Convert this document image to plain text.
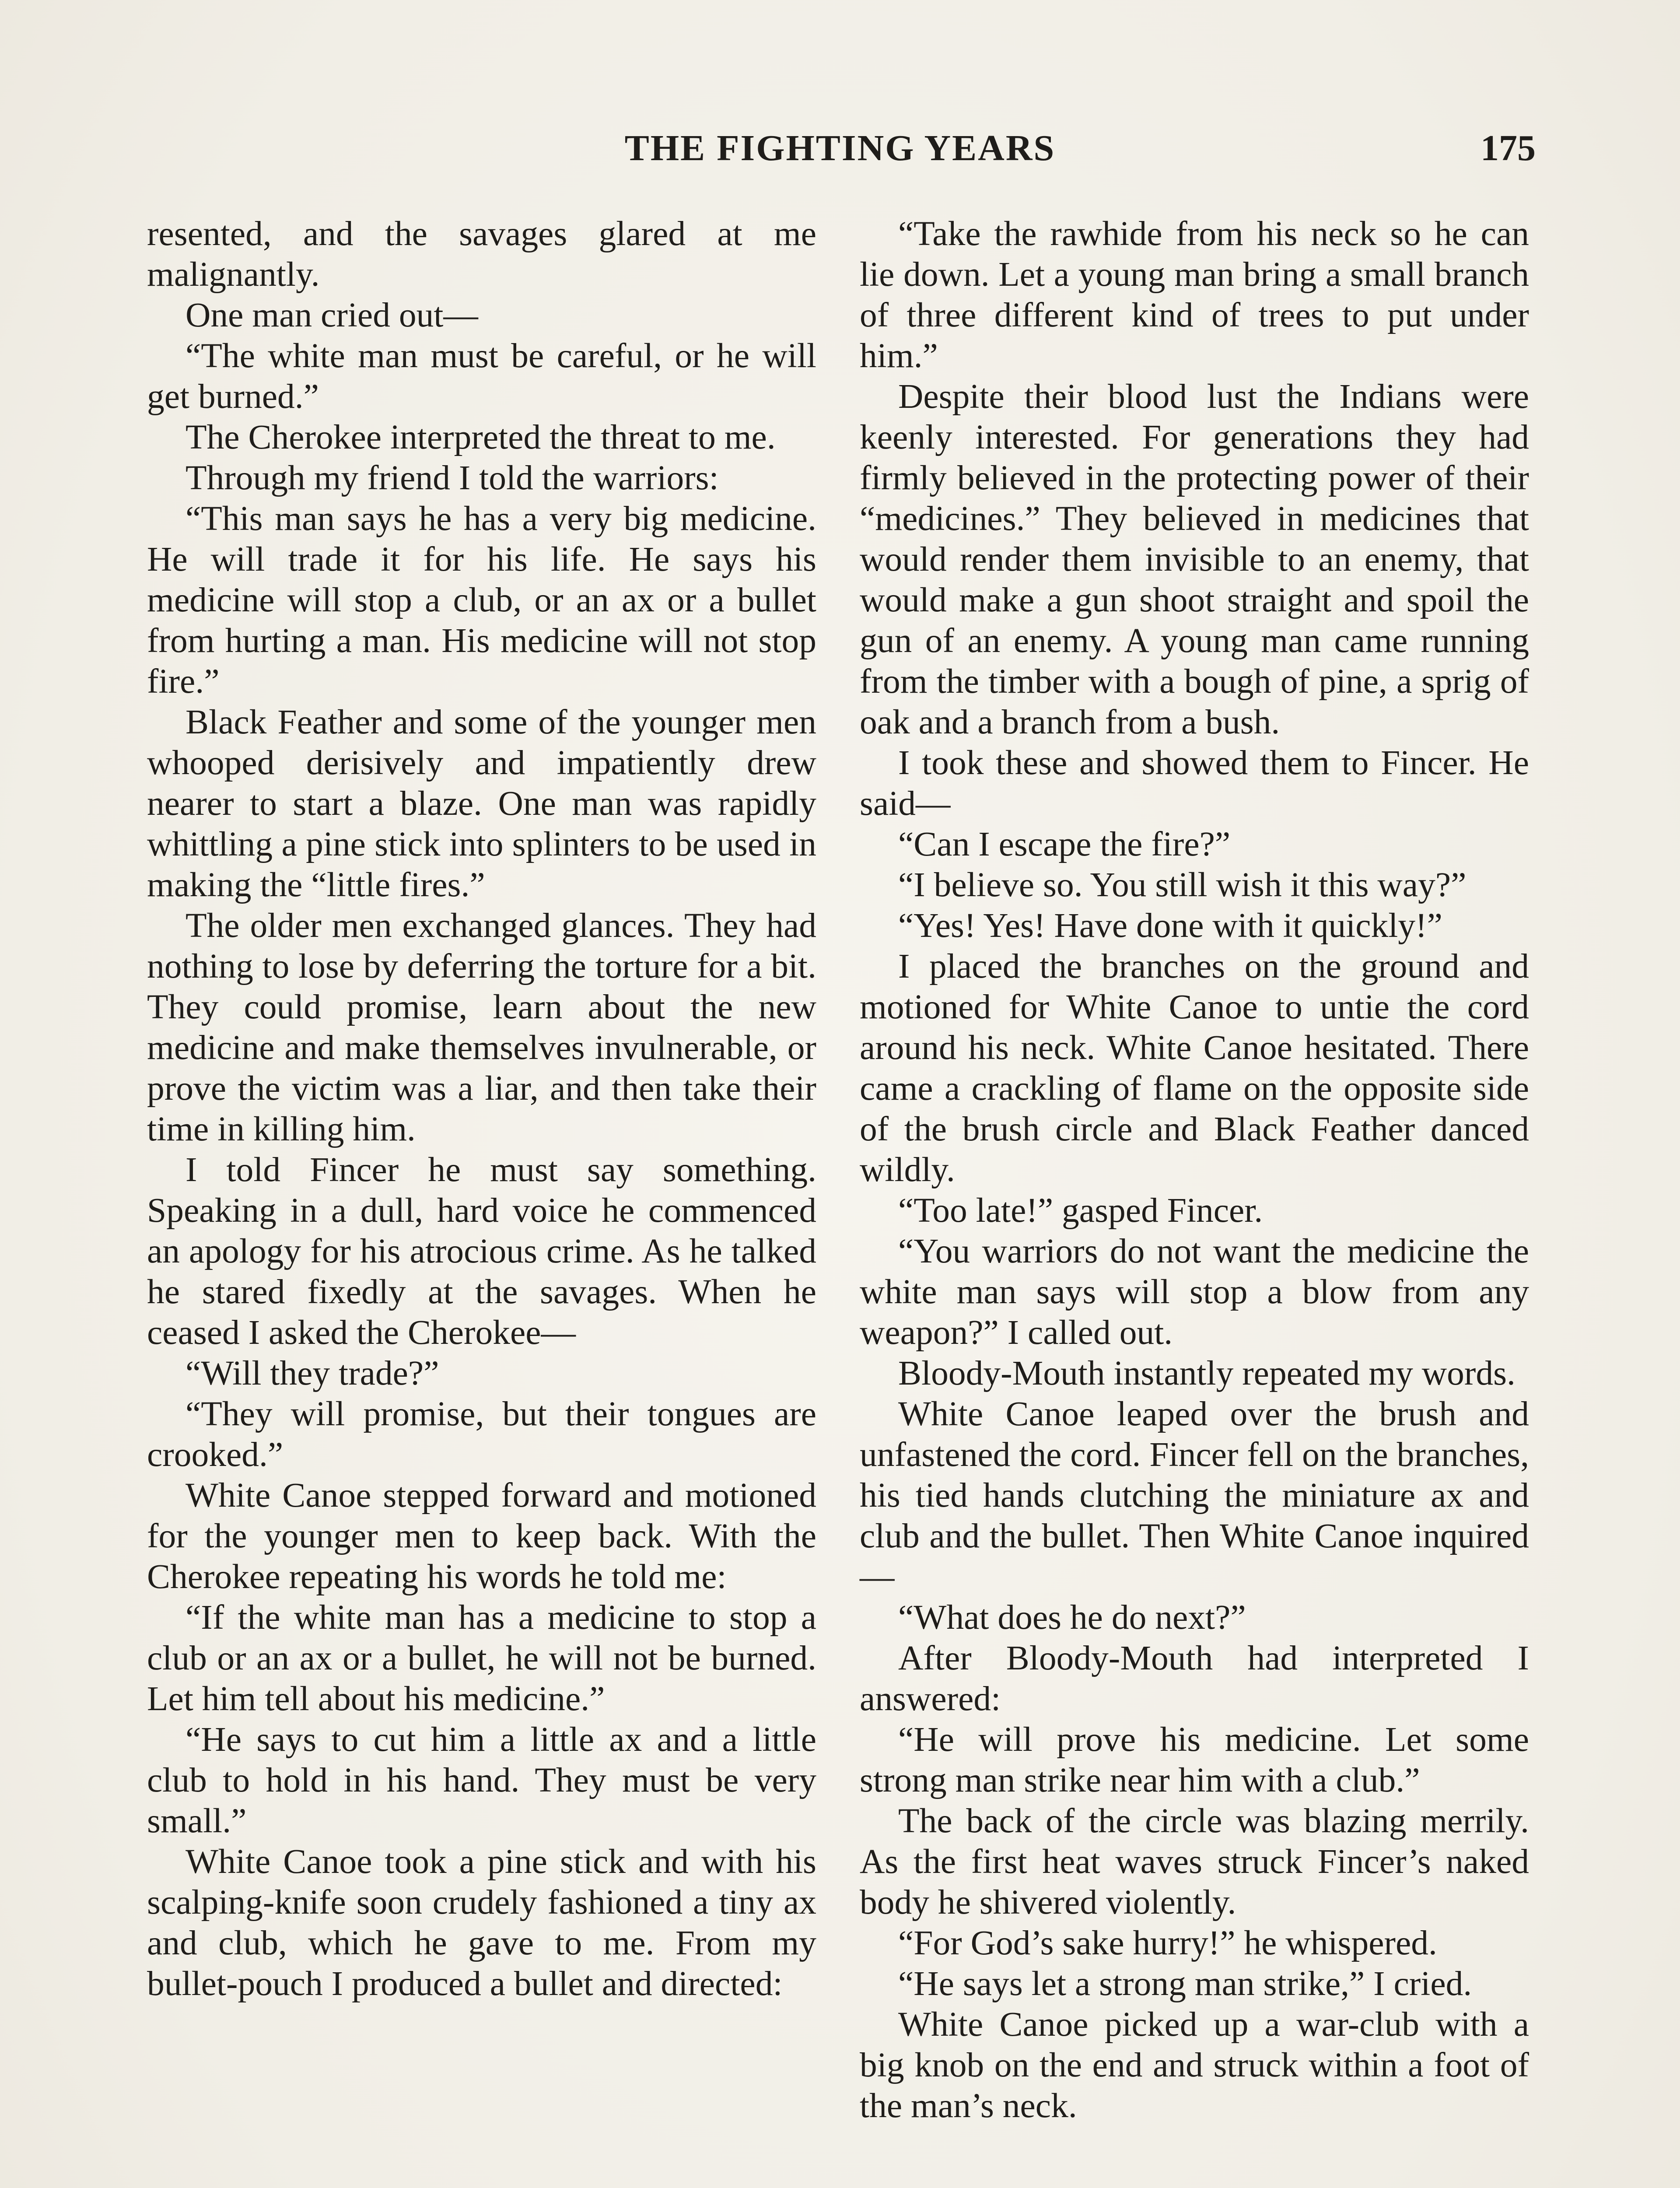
THE FIGHTING YEARS	175

resented, and the savages glared at me malignantly.

One man cried out—

“The white man must be careful, or he will get burned.”

The Cherokee interpreted the threat to me.

Through my friend I told the warriors:

“This man says he has a very big medicine. He will trade it for his life. He says his medicine will stop a club, or an ax or a bullet from hurting a man. His medicine will not stop fire.”

Black Feather and some of the younger men whooped derisively and impatiently drew nearer to start a blaze. One man was rapidly whittling a pine stick into splinters to be used in making the “little fires.”

The older men exchanged glances. They had nothing to lose by deferring the torture for a bit. They could promise, learn about the new medicine and make themselves invulnerable, or prove the victim was a liar, and then take their time in killing him.

I told Fincer he must say something. Speaking in a dull, hard voice he commenced an apology for his atrocious crime. As he talked he stared fixedly at the savages. When he ceased I asked the Cherokee—

“Will they trade?”

“They will promise, but their tongues are crooked.”

White Canoe stepped forward and motioned for the younger men to keep back. With the Cherokee repeating his words he told me:

“If the white man has a medicine to stop a club or an ax or a bullet, he will not be burned. Let him tell about his medicine.”

“He says to cut him a little ax and a little club to hold in his hand. They must be very small.”

White Canoe took a pine stick and with his scalping-knife soon crudely fashioned a tiny ax and club, which he gave to me. From my bullet-pouch I produced a bullet and directed:

“Take the rawhide from his neck so he can lie down. Let a young man bring a small branch of three different kind of trees to put under him.”

Despite their blood lust the Indians were keenly interested. For generations they had firmly believed in the protecting power of their “medicines.” They believed in medicines that would render them invisible to an enemy, that would make a gun shoot straight and spoil the gun of an enemy. A young man came running from the timber with a bough of pine, a sprig of oak and a branch from a bush.

I took these and showed them to Fincer. He said—

“Can I escape the fire?”

“I believe so. You still wish it this way?”

“Yes! Yes! Have done with it quickly!”

I placed the branches on the ground and motioned for White Canoe to untie the cord around his neck. White Canoe hesitated. There came a crackling of flame on the opposite side of the brush circle and Black Feather danced wildly.

“Too late!” gasped Fincer.

“You warriors do not want the medicine the white man says will stop a blow from any weapon?” I called out.

Bloody-Mouth instantly repeated my words.

White Canoe leaped over the brush and unfastened the cord. Fincer fell on the branches, his tied hands clutching the miniature ax and club and the bullet. Then White Canoe inquired—

“What does he do next?”

After Bloody-Mouth had interpreted I answered:

“He will prove his medicine. Let some strong man strike near him with a club.”

The back of the circle was blazing merrily. As the first heat waves struck Fincer’s naked body he shivered violently.

“For God’s sake hurry!” he whispered.

“He says let a strong man strike,” I cried.

White Canoe picked up a war-club with a big knob on the end and struck within a foot of the man’s neck.
